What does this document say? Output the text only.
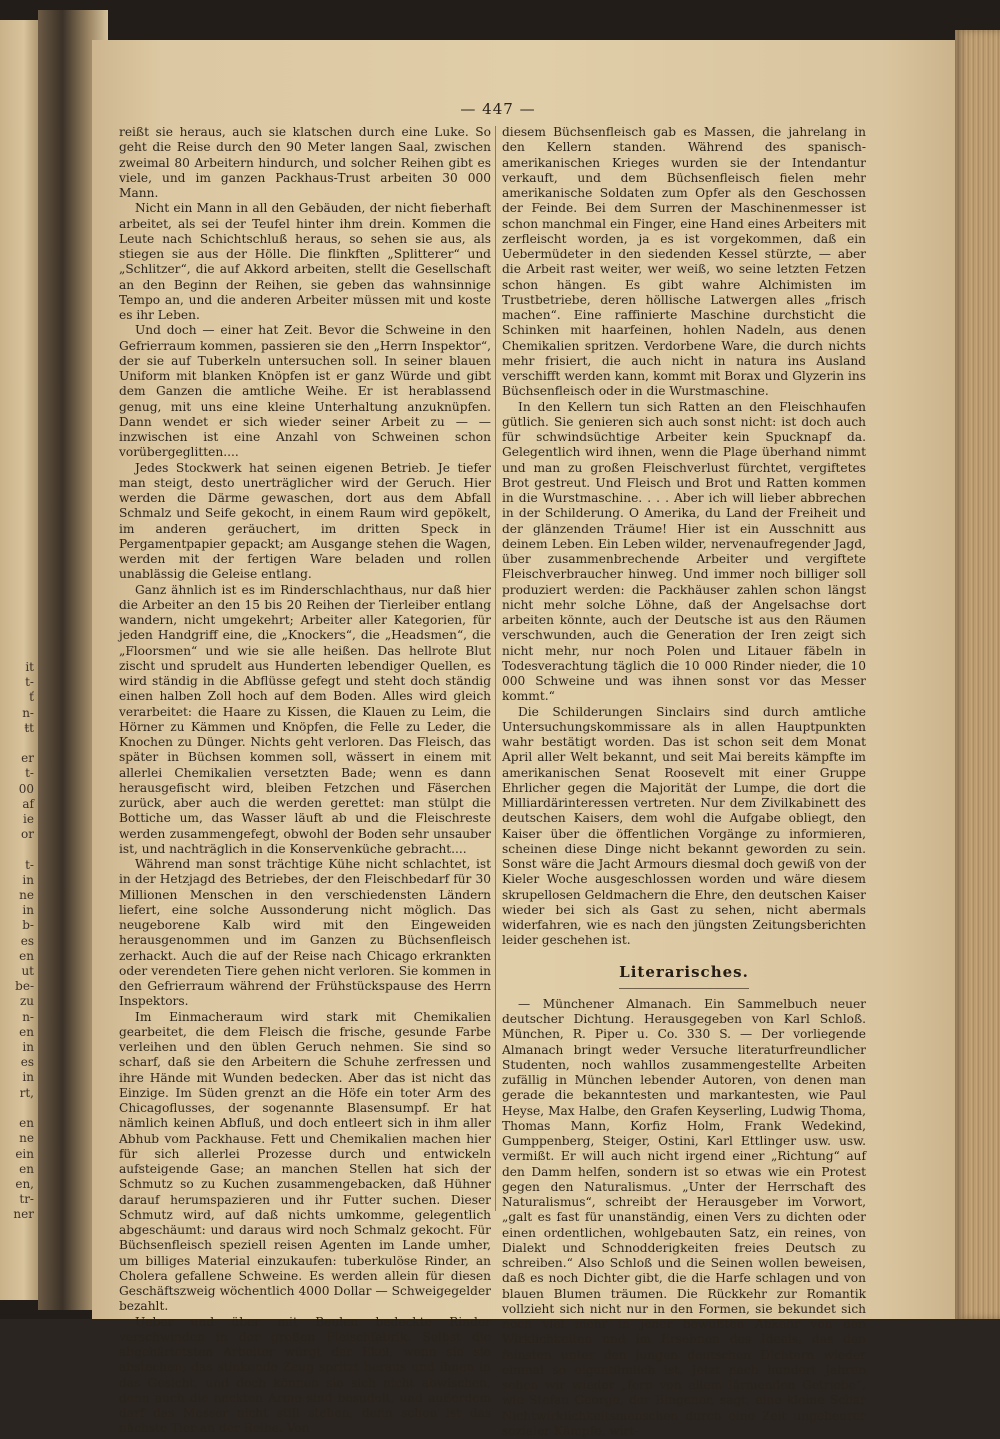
it
t-
ť
n-
ŧt

er
t-
00
af
ie
or

t-
in
ne
in
b-
es
en
ut
be-
zu
n-
en
in
es
in
rt,

en
ne
ein
en
en,
tr-
ner
— 447 —

reißt sie heraus, auch sie klatschen durch eine Luke. So geht die Reise durch den 90 Meter langen Saal, zwischen zweimal 80 Arbeitern hindurch, und solcher Reihen gibt es viele, und im ganzen Packhaus-Trust arbeiten 30 000 Mann.

Nicht ein Mann in all den Gebäuden, der nicht fieberhaft arbeitet, als sei der Teufel hinter ihm drein. Kommen die Leute nach Schichtschluß heraus, so sehen sie aus, als stiegen sie aus der Hölle. Die flinkften „Splitterer“ und „Schlitzer“, die auf Akkord arbeiten, stellt die Gesellschaft an den Beginn der Reihen, sie geben das wahnsinnige Tempo an, und die anderen Arbeiter müssen mit und koste es ihr Leben.

Und doch — einer hat Zeit. Bevor die Schweine in den Gefrierraum kommen, passieren sie den „Herrn Inspektor“, der sie auf Tuberkeln untersuchen soll. In seiner blauen Uniform mit blanken Knöpfen ist er ganz Würde und gibt dem Ganzen die amtliche Weihe. Er ist herablassend genug, mit uns eine kleine Unterhaltung anzuknüpfen. Dann wendet er sich wieder seiner Arbeit zu — — inzwischen ist eine Anzahl von Schweinen schon vorübergeglitten....

Jedes Stockwerk hat seinen eigenen Betrieb. Je tiefer man steigt, desto unerträglicher wird der Geruch. Hier werden die Därme gewaschen, dort aus dem Abfall Schmalz und Seife gekocht, in einem Raum wird gepökelt, im anderen geräuchert, im dritten Speck in Pergamentpapier gepackt; am Ausgange stehen die Wagen, werden mit der fertigen Ware beladen und rollen unablässig die Geleise entlang.

Ganz ähnlich ist es im Rinderschlachthaus, nur daß hier die Arbeiter an den 15 bis 20 Reihen der Tierleiber entlang wandern, nicht umgekehrt; Arbeiter aller Kategorien, für jeden Handgriff eine, die „Knockers“, die „Headsmen“, die „Floorsmen“ und wie sie alle heißen. Das hellrote Blut zischt und sprudelt aus Hunderten lebendiger Quellen, es wird ständig in die Abflüsse gefegt und steht doch ständig einen halben Zoll hoch auf dem Boden. Alles wird gleich verarbeitet: die Haare zu Kissen, die Klauen zu Leim, die Hörner zu Kämmen und Knöpfen, die Felle zu Leder, die Knochen zu Dünger. Nichts geht verloren. Das Fleisch, das später in Büchsen kommen soll, wässert in einem mit allerlei Chemikalien versetzten Bade; wenn es dann herausgefischt wird, bleiben Fetzchen und Fäserchen zurück, aber auch die werden gerettet: man stülpt die Bottiche um, das Wasser läuft ab und die Fleischreste werden zusammengefegt, obwohl der Boden sehr unsauber ist, und nachträglich in die Konservenküche gebracht....

Während man sonst trächtige Kühe nicht schlachtet, ist in der Hetzjagd des Betriebes, der den Fleischbedarf für 30 Millionen Menschen in den verschiedensten Ländern liefert, eine solche Aussonderung nicht möglich. Das neugeborene Kalb wird mit den Eingeweiden herausgenommen und im Ganzen zu Büchsenfleisch zerhackt. Auch die auf der Reise nach Chicago erkrankten oder verendeten Tiere gehen nicht verloren. Sie kommen in den Gefrierraum während der Frühstückspause des Herrn Inspektors.

Im Einmacheraum wird stark mit Chemikalien gearbeitet, die dem Fleisch die frische, gesunde Farbe verleihen und den üblen Geruch nehmen. Sie sind so scharf, daß sie den Arbeitern die Schuhe zerfressen und ihre Hände mit Wunden bedecken. Aber das ist nicht das Einzige. Im Süden grenzt an die Höfe ein toter Arm des Chicagoflusses, der sogenannte Blasensumpf. Er hat nämlich keinen Abfluß, und doch entleert sich in ihm aller Abhub vom Packhause. Fett und Chemikalien machen hier für sich allerlei Prozesse durch und entwickeln aufsteigende Gase; an manchen Stellen hat sich der Schmutz so zu Kuchen zusammengebacken, daß Hühner darauf herumspazieren und ihr Futter suchen. Dieser Schmutz wird, auf daß nichts umkomme, gelegentlich abgeschäumt: und daraus wird noch Schmalz gekocht. Für Büchsenfleisch speziell reisen Agenten im Lande umher, um billiges Material einzukaufen: tuberkulöse Rinder, an Cholera gefallene Schweine. Es werden allein für diesen Geschäftszweig wöchentlich 4000 Dollar — Schweigegelder bezahlt.

Ueber und über mit Beulen bedeckte Rinder verschwinden in der großen Fleischfabrik. Selbst die abgehärtetsten Arbeiter würgt der Ekel, wenn sie sie abstechen; das stinkende Zeug spritzt heraus und ihnen in das Gesicht, und doch können sie sich nicht abwischen, denn auch die nackten Arme sind besudelt, und außerdem darf das Messer nicht still stehen, denn schon ist das nächste Tier an der Reihe. Von

diesem Büchsenfleisch gab es Massen, die jahrelang in den Kellern standen. Während des spanisch-amerikanischen Krieges wurden sie der Intendantur verkauft, und dem Büchsenfleisch fielen mehr amerikanische Soldaten zum Opfer als den Geschossen der Feinde. Bei dem Surren der Maschinenmesser ist schon manchmal ein Finger, eine Hand eines Arbeiters mit zerfleischt worden, ja es ist vorgekommen, daß ein Uebermüdeter in den siedenden Kessel stürzte, — aber die Arbeit rast weiter, wer weiß, wo seine letzten Fetzen schon hängen. Es gibt wahre Alchimisten im Trustbetriebe, deren höllische Latwergen alles „frisch machen“. Eine raffinierte Maschine durchsticht die Schinken mit haarfeinen, hohlen Nadeln, aus denen Chemikalien spritzen. Verdorbene Ware, die durch nichts mehr frisiert, die auch nicht in natura ins Ausland verschifft werden kann, kommt mit Borax und Glyzerin ins Büchsenfleisch oder in die Wurstmaschine.

In den Kellern tun sich Ratten an den Fleischhaufen gütlich. Sie genieren sich auch sonst nicht: ist doch auch für schwindsüchtige Arbeiter kein Spucknapf da. Gelegentlich wird ihnen, wenn die Plage überhand nimmt und man zu großen Fleischverlust fürchtet, vergiftetes Brot gestreut. Und Fleisch und Brot und Ratten kommen in die Wurstmaschine. . . . Aber ich will lieber abbrechen in der Schilderung. O Amerika, du Land der Freiheit und der glänzenden Träume! Hier ist ein Ausschnitt aus deinem Leben. Ein Leben wilder, nervenaufregender Jagd, über zusammenbrechende Arbeiter und vergiftete Fleischverbraucher hinweg. Und immer noch billiger soll produziert werden: die Packhäuser zahlen schon längst nicht mehr solche Löhne, daß der Angelsachse dort arbeiten könnte, auch der Deutsche ist aus den Räumen verschwunden, auch die Generation der Iren zeigt sich nicht mehr, nur noch Polen und Litauer fäbeln in Todesverachtung täglich die 10 000 Rinder nieder, die 10 000 Schweine und was ihnen sonst vor das Messer kommt.“

Die Schilderungen Sinclairs sind durch amtliche Untersuchungskommissare als in allen Hauptpunkten wahr bestätigt worden. Das ist schon seit dem Monat April aller Welt bekannt, und seit Mai bereits kämpfte im amerikanischen Senat Roosevelt mit einer Gruppe Ehrlicher gegen die Majorität der Lumpe, die dort die Milliardärinteressen vertreten. Nur dem Zivilkabinett des deutschen Kaisers, dem wohl die Aufgabe obliegt, den Kaiser über die öffentlichen Vorgänge zu informieren, scheinen diese Dinge nicht bekannt geworden zu sein. Sonst wäre die Jacht Armours diesmal doch gewiß von der Kieler Woche ausgeschlossen worden und wäre diesem skrupellosen Geldmachern die Ehre, den deutschen Kaiser wieder bei sich als Gast zu sehen, nicht abermals widerfahren, wie es nach den jüngsten Zeitungsberichten leider geschehen ist.

Literarisches.

— Münchener Almanach. Ein Sammelbuch neuer deutscher Dichtung. Herausgegeben von Karl Schloß. München, R. Piper u. Co. 330 S. — Der vorliegende Almanach bringt weder Versuche literaturfreundlicher Studenten, noch wahllos zusammengestellte Arbeiten zufällig in München lebender Autoren, von denen man gerade die bekanntesten und markantesten, wie Paul Heyse, Max Halbe, den Grafen Keyserling, Ludwig Thoma, Thomas Mann, Korfiz Holm, Frank Wedekind, Gumppenberg, Steiger, Ostini, Karl Ettlinger usw. usw. vermißt. Er will auch nicht irgend einer „Richtung“ auf den Damm helfen, sondern ist so etwas wie ein Protest gegen den Naturalismus. „Unter der Herrschaft des Naturalismus“, schreibt der Herausgeber im Vorwort, „galt es fast für unanständig, einen Vers zu dichten oder einen ordentlichen, wohlgebauten Satz, ein reines, von Dialekt und Schnodderigkeiten freies Deutsch zu schreiben.“ Also Schloß und die Seinen wollen beweisen, daß es noch Dichter gibt, die die Harfe schlagen und von blauen Blumen träumen. Die Rückkehr zur Romantik vollzieht sich nicht nur in den Formen, sie bekundet sich noch viel mehr in jener bewußten Abkehr von den Wirklichkeiten und im Ersehnen des Ideals, das den feinsten unter den jungen deutschen Dichtern wieder einmal so eigentümlich ist. Jetzt nach hundert Jahren sehen wir wieder „fern von allem lärmenden Getriebe“, wie Stefan George, der Bingener, sagt, eine kleine Schar Nichtwirklichkeitsmenschen durch eine Zeit ungeheurer sozialer Kämpfe, wirt-
